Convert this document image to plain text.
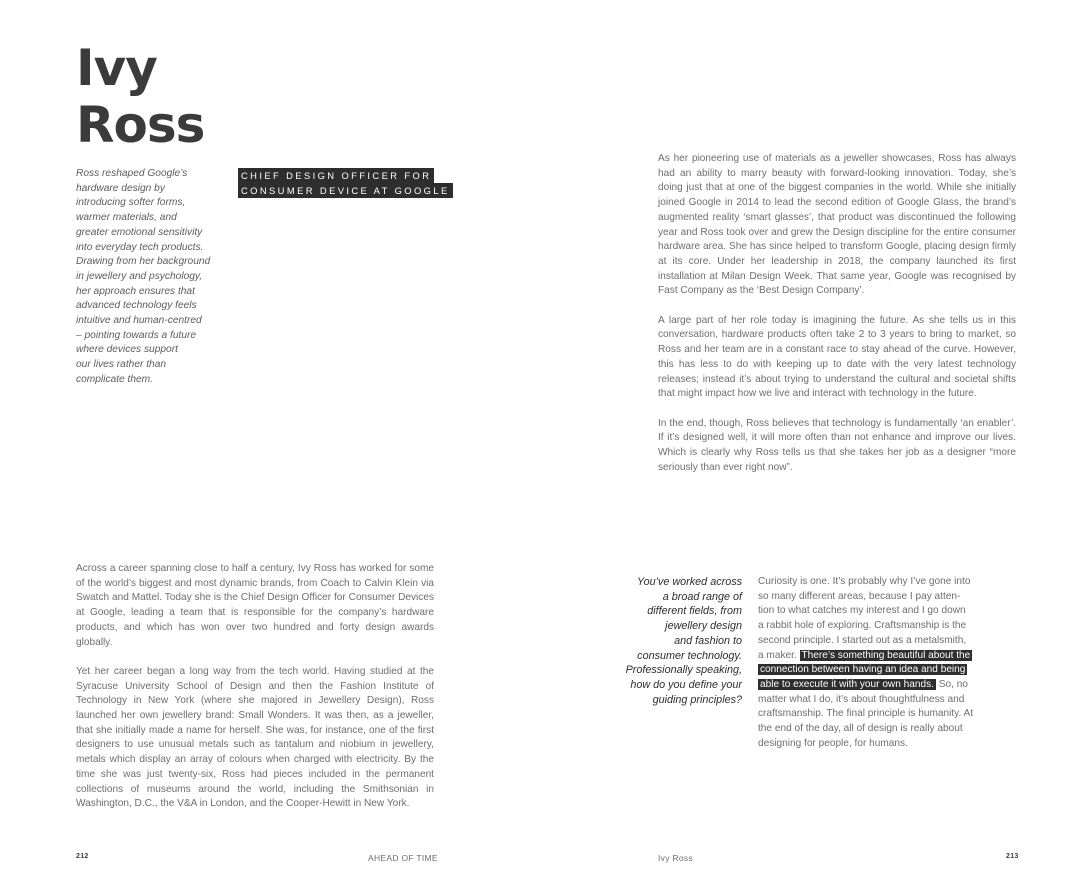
Ivy
Ross
Ross reshaped Google’s
hardware design by
introducing softer forms,
warmer materials, and
greater emotional sensitivity
into everyday tech products.
Drawing from her background
in jewellery and psychology,
her approach ensures that
advanced technology feels
intuitive and human-centred
– pointing towards a future
where devices support
our lives rather than
complicate them.
CHIEF DESIGN OFFICER FOR
CONSUMER DEVICE AT GOOGLE

As her pioneering use of materials as a jeweller showcases, Ross has always had an ability to marry beauty with forward-looking innovation. Today, she’s doing just that at one of the biggest companies in the world. While she initially joined Google in 2014 to lead the second edition of Google Glass, the brand’s augmented reality ‘smart glasses’, that product was discontinued the following year and Ross took over and grew the Design discipline for the entire consumer hardware area. She has since helped to transform Google, placing design firmly at its core. Under her leadership in 2018, the company launched its first installation at Milan Design Week. That same year, Google was recognised by Fast Company as the ‘Best Design Company’.

A large part of her role today is imagining the future. As she tells us in this conversation, hardware products often take 2 to 3 years to bring to market, so Ross and her team are in a constant race to stay ahead of the curve. However, this has less to do with keeping up to date with the very latest technology releases; instead it’s about trying to understand the cultural and societal shifts that might impact how we live and interact with technology in the future.

In the end, though, Ross believes that technology is fundamentally ‘an enabler’. If it’s designed well, it will more often than not enhance and improve our lives. Which is clearly why Ross tells us that she takes her job as a designer “more seriously than ever right now”.

Across a career spanning close to half a century, Ivy Ross has worked for some of the world’s biggest and most dynamic brands, from Coach to Calvin Klein via Swatch and Mattel. Today she is the Chief Design Officer for Consumer Devices at Google, leading a team that is responsible for the company’s hardware products, and which has won over two hundred and forty design awards globally.

Yet her career began a long way from the tech world. Having studied at the Syracuse University School of Design and then the Fashion Institute of Technology in New York (where she majored in Jewellery Design), Ross launched her own jewellery brand: Small Wonders. It was then, as a jeweller, that she initially made a name for herself. She was, for instance, one of the first designers to use unusual metals such as tantalum and niobium in jewellery, metals which display an array of colours when charged with electricity. By the time she was just twenty-six, Ross had pieces included in the permanent collections of museums around the world, including the Smithsonian in Washington, D.C., the V&A in London, and the Cooper-Hewitt in New York.

You’ve worked across
a broad range of
different fields, from
jewellery design
and fashion to
consumer technology.
Professionally speaking,
how do you define your
guiding principles?
Curiosity is one. It’s probably why I’ve gone into
so many different areas, because I pay atten-
tion to what catches my interest and I go down
a rabbit hole of exploring. Craftsmanship is the
second principle. I started out as a metalsmith,
a maker. There’s something beautiful about the
connection between having an idea and being
able to execute it with your own hands. So, no
matter what I do, it’s about thoughtfulness and
craftsmanship. The final principle is humanity. At
the end of the day, all of design is really about
designing for people, for humans.
212	AHEAD OF TIME	Ivy Ross	213
